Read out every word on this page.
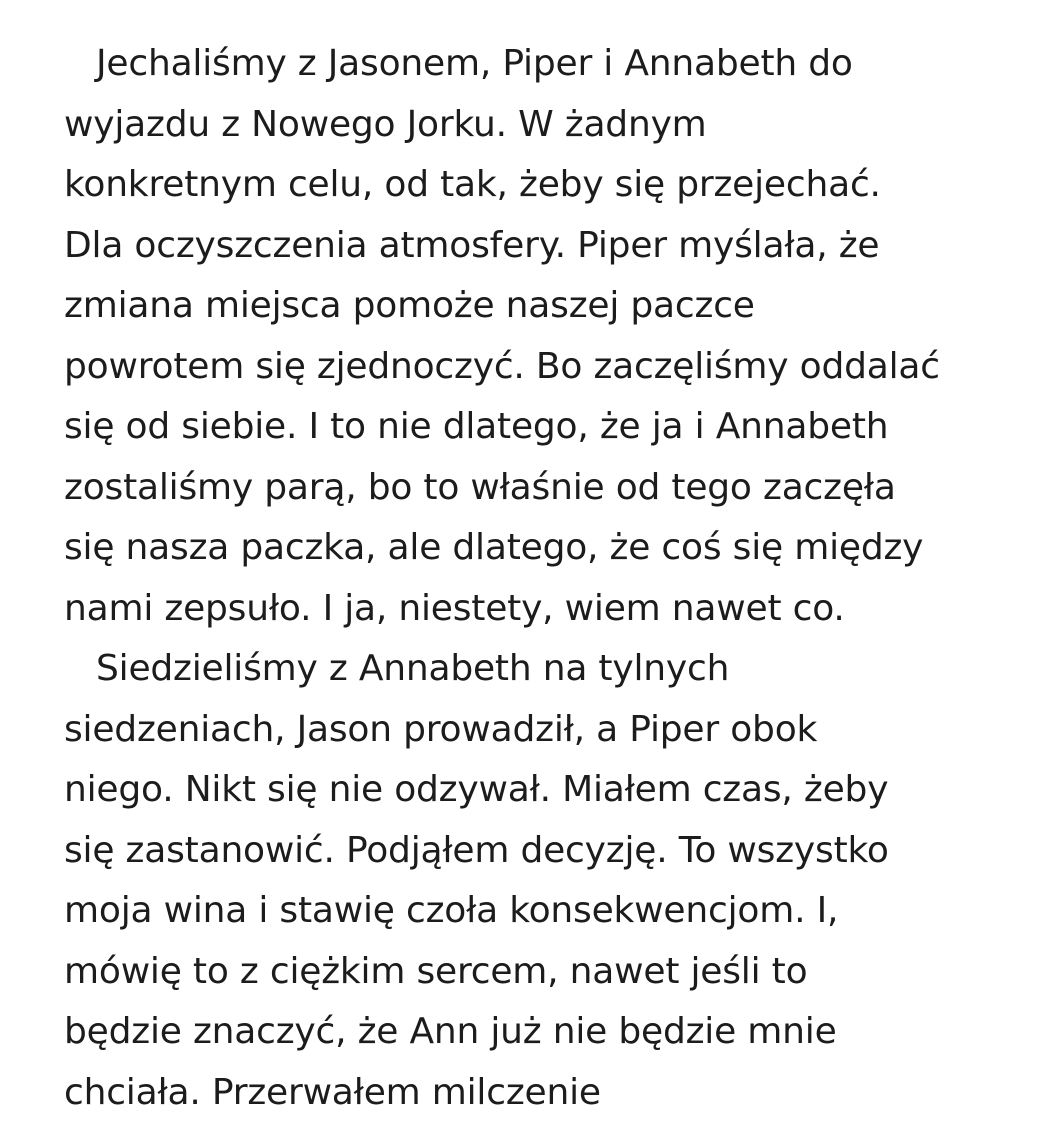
Jechaliśmy z Jasonem, Piper i Annabeth do
wyjazdu z Nowego Jorku. W żadnym
konkretnym celu, od tak, żeby się przejechać.
Dla oczyszczenia atmosfery. Piper myślała, że
zmiana miejsca pomoże naszej paczce
powrotem się zjednoczyć. Bo zaczęliśmy oddalać
się od siebie. I to nie dlatego, że ja i Annabeth
zostaliśmy parą, bo to właśnie od tego zaczęła
się nasza paczka, ale dlatego, że coś się między
nami zepsuło. I ja, niestety, wiem nawet co.
Siedzieliśmy z Annabeth na tylnych
siedzeniach, Jason prowadził, a Piper obok
niego. Nikt się nie odzywał. Miałem czas, żeby
się zastanowić. Podjąłem decyzję. To wszystko
moja wina i stawię czoła konsekwencjom. I,
mówię to z ciężkim sercem, nawet jeśli to
będzie znaczyć, że Ann już nie będzie mnie
chciała. Przerwałem milczenie
